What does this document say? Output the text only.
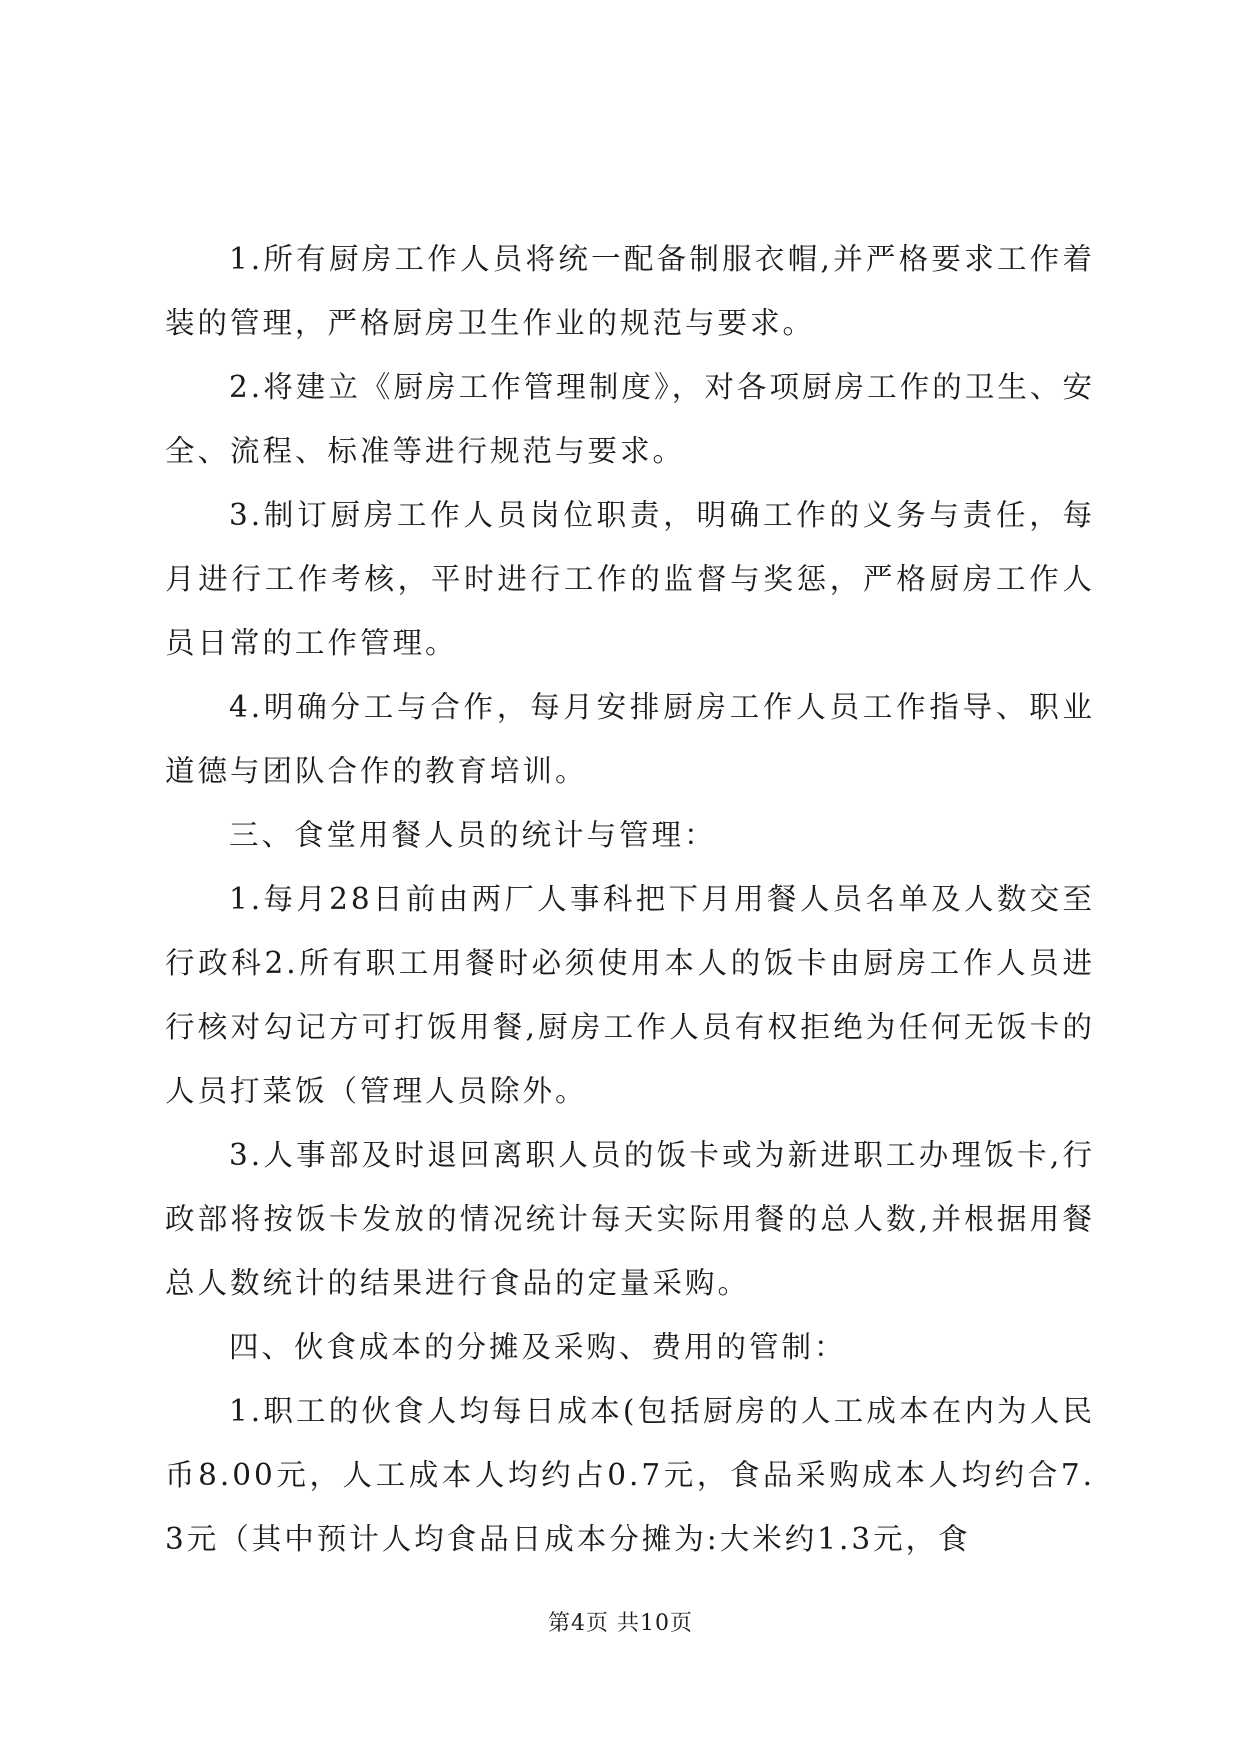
1.所有厨房工作人员将统一配备制服衣帽,并严格要求工作着装的管理，严格厨房卫生作业的规范与要求。

2.将建立《厨房工作管理制度》，对各项厨房工作的卫生、安全、流程、标准等进行规范与要求。

3.制订厨房工作人员岗位职责，明确工作的义务与责任，每月进行工作考核，平时进行工作的监督与奖惩，严格厨房工作人员日常的工作管理。

4.明确分工与合作，每月安排厨房工作人员工作指导、职业道德与团队合作的教育培训。

三、食堂用餐人员的统计与管理：

1.每月28日前由两厂人事科把下月用餐人员名单及人数交至行政科2.所有职工用餐时必须使用本人的饭卡由厨房工作人员进行核对勾记方可打饭用餐,厨房工作人员有权拒绝为任何无饭卡的人员打菜饭（管理人员除外。

3.人事部及时退回离职人员的饭卡或为新进职工办理饭卡,行政部将按饭卡发放的情况统计每天实际用餐的总人数,并根据用餐总人数统计的结果进行食品的定量采购。

四、伙食成本的分摊及采购、费用的管制：

1.职工的伙食人均每日成本(包括厨房的人工成本在内为人民币8.00元，人工成本人均约占0.7元，食品采购成本人均约合7.3元（其中预计人均食品日成本分摊为:大米约1.3元，食

第4页 共10页
